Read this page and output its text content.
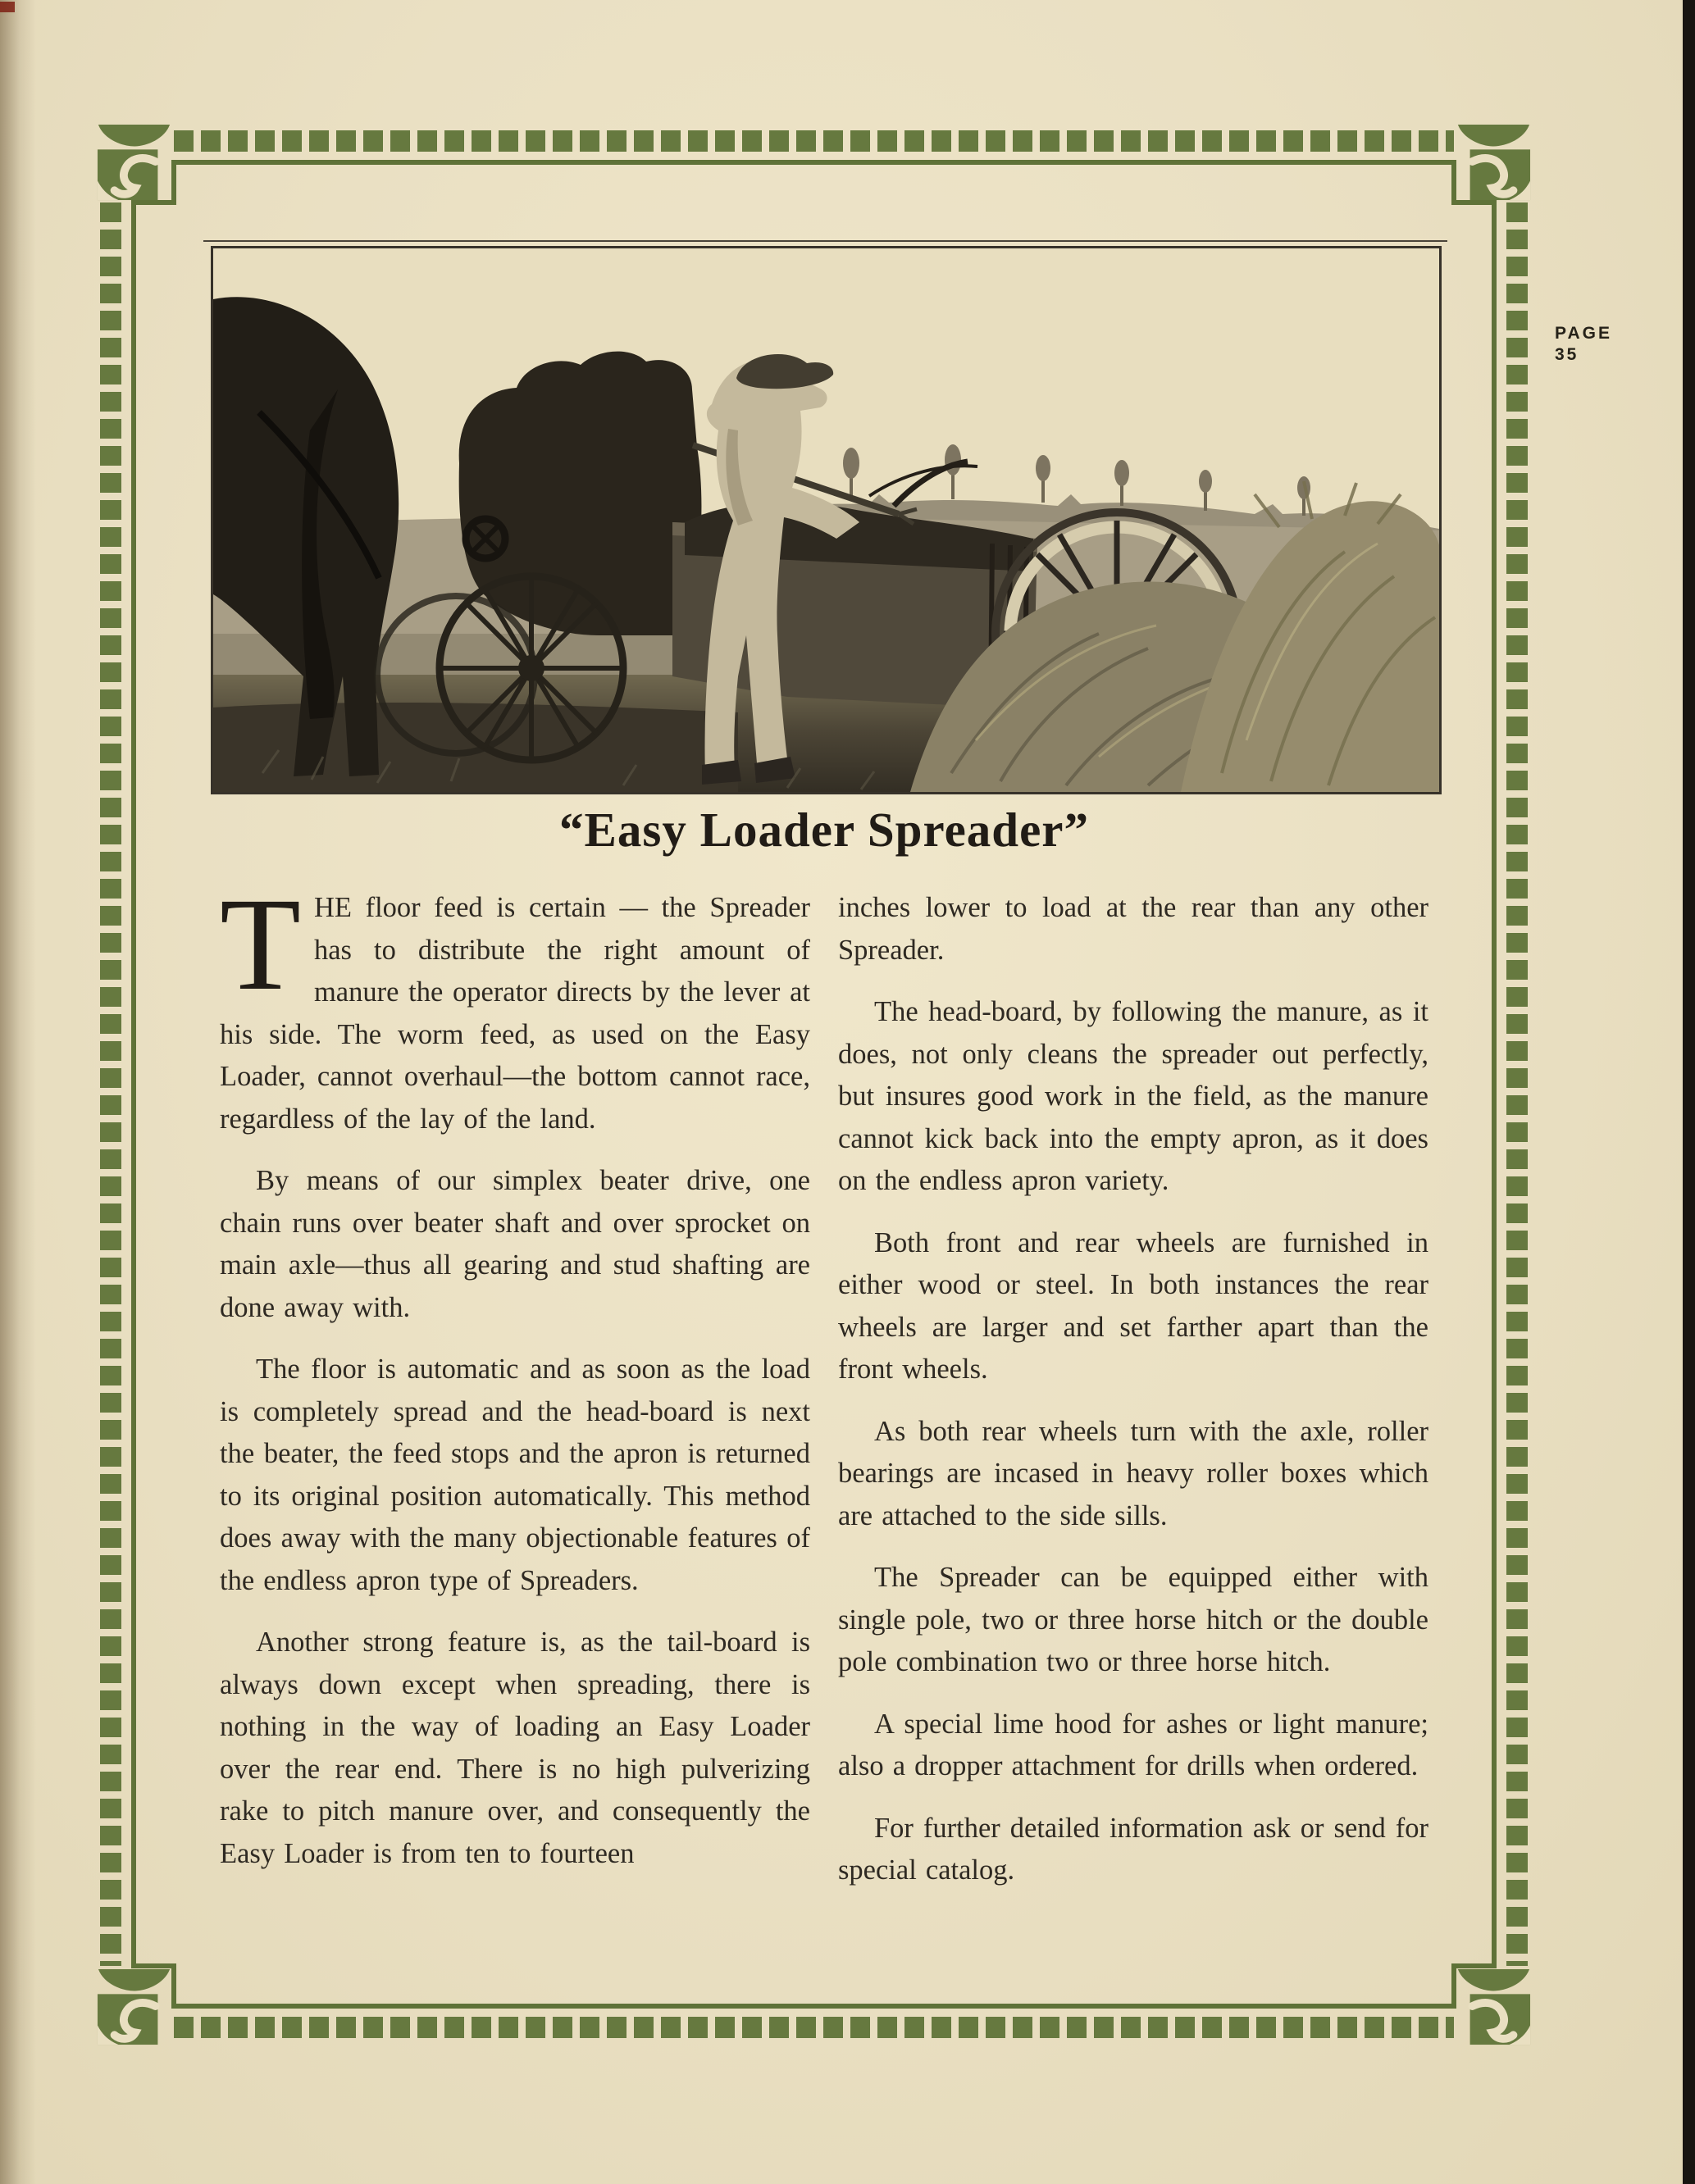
PAGE
35
“Easy Loader Spreader”

THE floor feed is certain — the Spreader has to distribute the right amount of manure the operator directs by the lever at his side. The worm feed, as used on the Easy Loader, cannot overhaul—the bottom cannot race, regardless of the lay of the land.

By means of our simplex beater drive, one chain runs over beater shaft and over sprocket on main axle—thus all gearing and stud shafting are done away with.

The floor is automatic and as soon as the load is completely spread and the head-board is next the beater, the feed stops and the apron is returned to its original position automatically. This method does away with the many objectionable features of the endless apron type of Spreaders.

Another strong feature is, as the tail-board is always down except when spreading, there is nothing in the way of loading an Easy Loader over the rear end. There is no high pulverizing rake to pitch manure over, and consequently the Easy Loader is from ten to fourteen

inches lower to load at the rear than any other Spreader.

The head-board, by following the manure, as it does, not only cleans the spreader out perfectly, but insures good work in the field, as the manure cannot kick back into the empty apron, as it does on the endless apron variety.

Both front and rear wheels are furnished in either wood or steel. In both instances the rear wheels are larger and set farther apart than the front wheels.

As both rear wheels turn with the axle, roller bearings are incased in heavy roller boxes which are attached to the side sills.

The Spreader can be equipped either with single pole, two or three horse hitch or the double pole combination two or three horse hitch.

A special lime hood for ashes or light manure; also a dropper attachment for drills when ordered.

For further detailed information ask or send for special catalog.
